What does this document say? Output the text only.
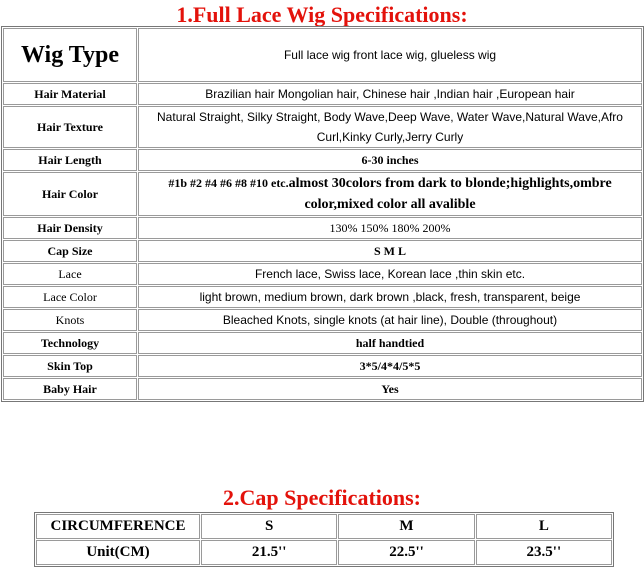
1.Full Lace Wig Specifications:
Wig Type	Full lace wig front lace wig, glueless wig
Hair Material	Brazilian hair Mongolian hair, Chinese hair ,Indian hair ,European hair
Hair Texture	Natural Straight, Silky Straight, Body Wave,Deep Wave, Water Wave,Natural Wave,Afro Curl,Kinky Curly,Jerry Curly
Hair Length	6-30 inches
Hair Color	#1b #2 #4 #6 #8 #10 etc.almost 30colors from dark to blonde;highlights,ombre color,mixed color all avalible
Hair Density	130% 150% 180% 200%
Cap Size	S M L
Lace	French lace, Swiss lace, Korean lace ,thin skin etc.
Lace Color	light brown, medium brown, dark brown ,black, fresh, transparent, beige
Knots	Bleached Knots, single knots (at hair line), Double (throughout)
Technology	half handtied
Skin Top	3*5/4*4/5*5
Baby Hair	Yes
2.Cap Specifications:
CIRCUMFERENCE	S	M	L
Unit(CM)	21.5''	22.5''	23.5''
